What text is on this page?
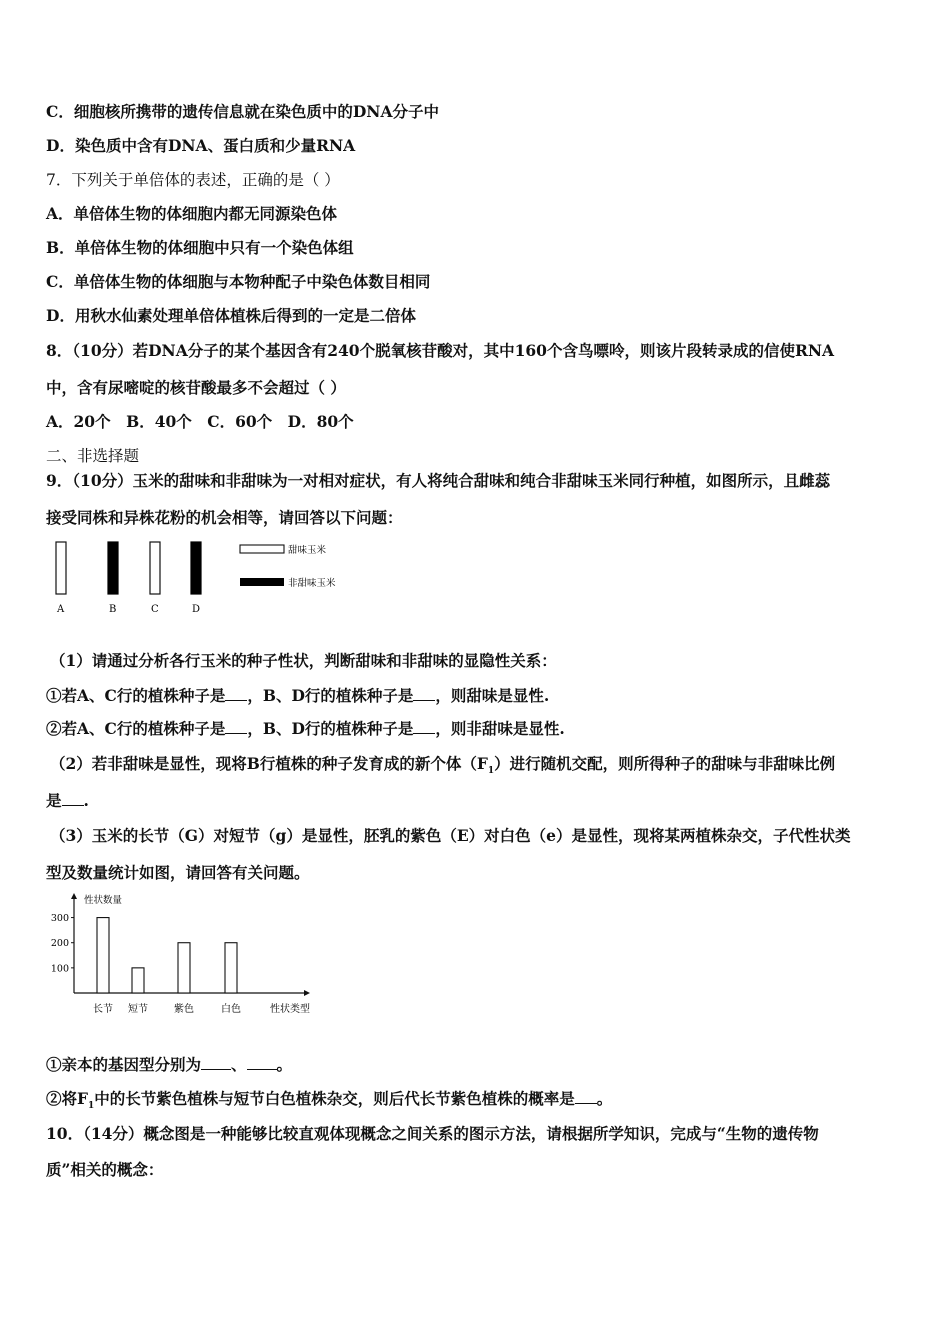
C．细胞核所携带的遗传信息就在染色质中的DNA分子中
D．染色质中含有DNA、蛋白质和少量RNA
7．下列关于单倍体的表述，正确的是（ ）
A．单倍体生物的体细胞内都无同源染色体
B．单倍体生物的体细胞中只有一个染色体组
C．单倍体生物的体细胞与本物种配子中染色体数目相同
D．用秋水仙素处理单倍体植株后得到的一定是二倍体
8．（10分）若DNA分子的某个基因含有240个脱氧核苷酸对，其中160个含鸟嘌呤，则该片段转录成的信使RNA
中，含有尿嘧啶的核苷酸最多不会超过（ ）
A．20个　B．40个　C．60个　D．80个
二、非选择题
9．（10分）玉米的甜味和非甜味为一对相对症状，有人将纯合甜味和纯合非甜味玉米同行种植，如图所示，且雌蕊
接受同株和异株花粉的机会相等，请回答以下问题：
A	B	C	D
甜味玉米
非甜味玉米
（1）请通过分析各行玉米的种子性状，判断甜味和非甜味的显隐性关系：
①若A、C行的植株种子是 ，B、D行的植株种子是 ，则甜味是显性.
②若A、C行的植株种子是 ，B、D行的植株种子是 ，则非甜味是显性.
（2）若非甜味是显性，现将B行植株的种子发育成的新个体$(F_1)$进行随机交配，则所得种子的甜味与非甜味比例
是 .
（3）玉米的长节（G）对短节（g）是显性，胚乳的紫色（E）对白色（e）是显性，现将某两植株杂交，子代性状类
型及数量统计如图，请回答有关问题。
性状数量
100
200
300
长节 短节	紫色	白色	性状类型
①亲本的基因型分别为 、 。
②将$F_1$中的长节紫色植株与短节白色植株杂交，则后代长节紫色植株的概率是 。
10．（14分）概念图是一种能够比较直观体现概念之间关系的图示方法，请根据所学知识，完成与“生物的遗传物
质”相关的概念：
